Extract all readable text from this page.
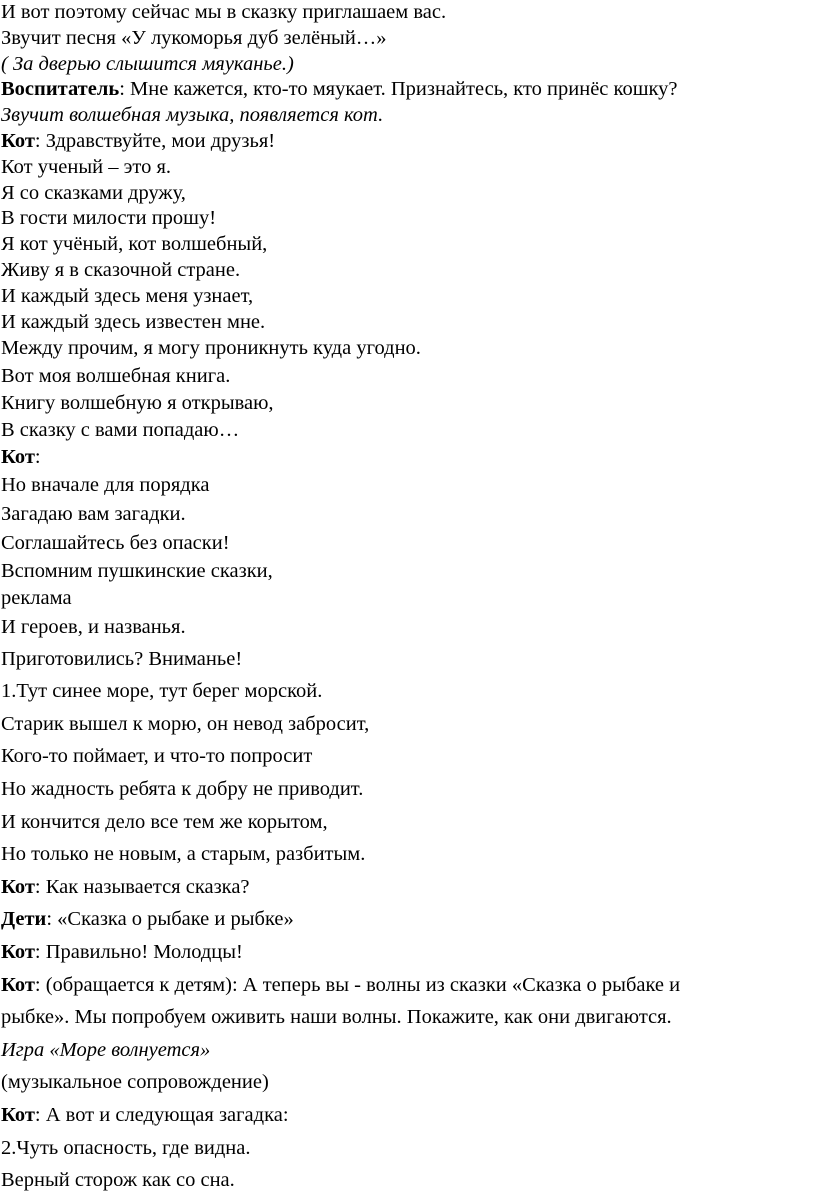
И вот поэтому сейчас мы в сказку приглашаем вас.
Звучит песня «У лукоморья дуб зелёный…»
( За дверью слышится мяуканье.)
Воспитатель: Мне кажется, кто-то мяукает. Признайтесь, кто принёс кошку?
Звучит волшебная музыка, появляется кот.
Кот: Здравствуйте, мои друзья!
Кот ученый – это я.
Я со сказками дружу,
В гости милости прошу!
Я кот учёный, кот волшебный,
Живу я в сказочной стране.
И каждый здесь меня узнает,
И каждый здесь известен мне.
Между прочим, я могу проникнуть куда угодно.
Вот моя волшебная книга.
Книгу волшебную я открываю,
В сказку с вами попадаю…
Кот:
Но вначале для порядка
Загадаю вам загадки.
Соглашайтесь без опаски!
Вспомним пушкинские сказки,
реклама
И героев, и названья.
Приготовились? Вниманье!
1.Тут синее море, тут берег морской.
Старик вышел к морю, он невод забросит,
Кого-то поймает, и что-то попросит
Но жадность ребята к добру не приводит.
И кончится дело все тем же корытом,
Но только не новым, а старым, разбитым.
Кот: Как называется сказка?
Дети: «Сказка о рыбаке и рыбке»
Кот: Правильно! Молодцы!
Кот: (обращается к детям): А теперь вы - волны из сказки «Сказка о рыбаке и
рыбке». Мы попробуем оживить наши волны. Покажите, как они двигаются.
Игра «Море волнуется»
(музыкальное сопровождение)
Кот: А вот и следующая загадка:
2.Чуть опасность, где видна.
Верный сторож как со сна.
